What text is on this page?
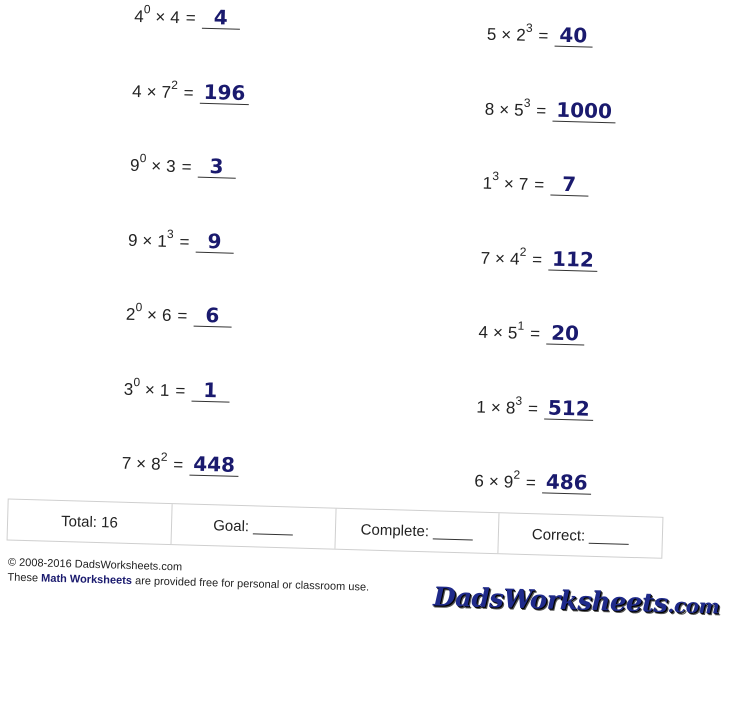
$4^0 \times 4 = 4$
$4 \times 7^2 = 196$
$9^0 \times 3 = 3$
$9 \times 1^3 = 9$
$2^0 \times 6 = 6$
$3^0 \times 1 = 1$
$7 \times 8^2 = 448$
$5 \times 2^3 = 40$
$8 \times 5^3 = 1000$
$1^3 \times 7 = 7$
$7 \times 4^2 = 112$
$4 \times 5^1 = 20$
$1 \times 8^3 = 512$
$6 \times 9^2 = 486$
Total: 16	Goal:	Complete:	Correct:
© 2008-2016 DadsWorksheets.com
These Math Worksheets are provided free for personal or classroom use. DadsWorksheets.com
